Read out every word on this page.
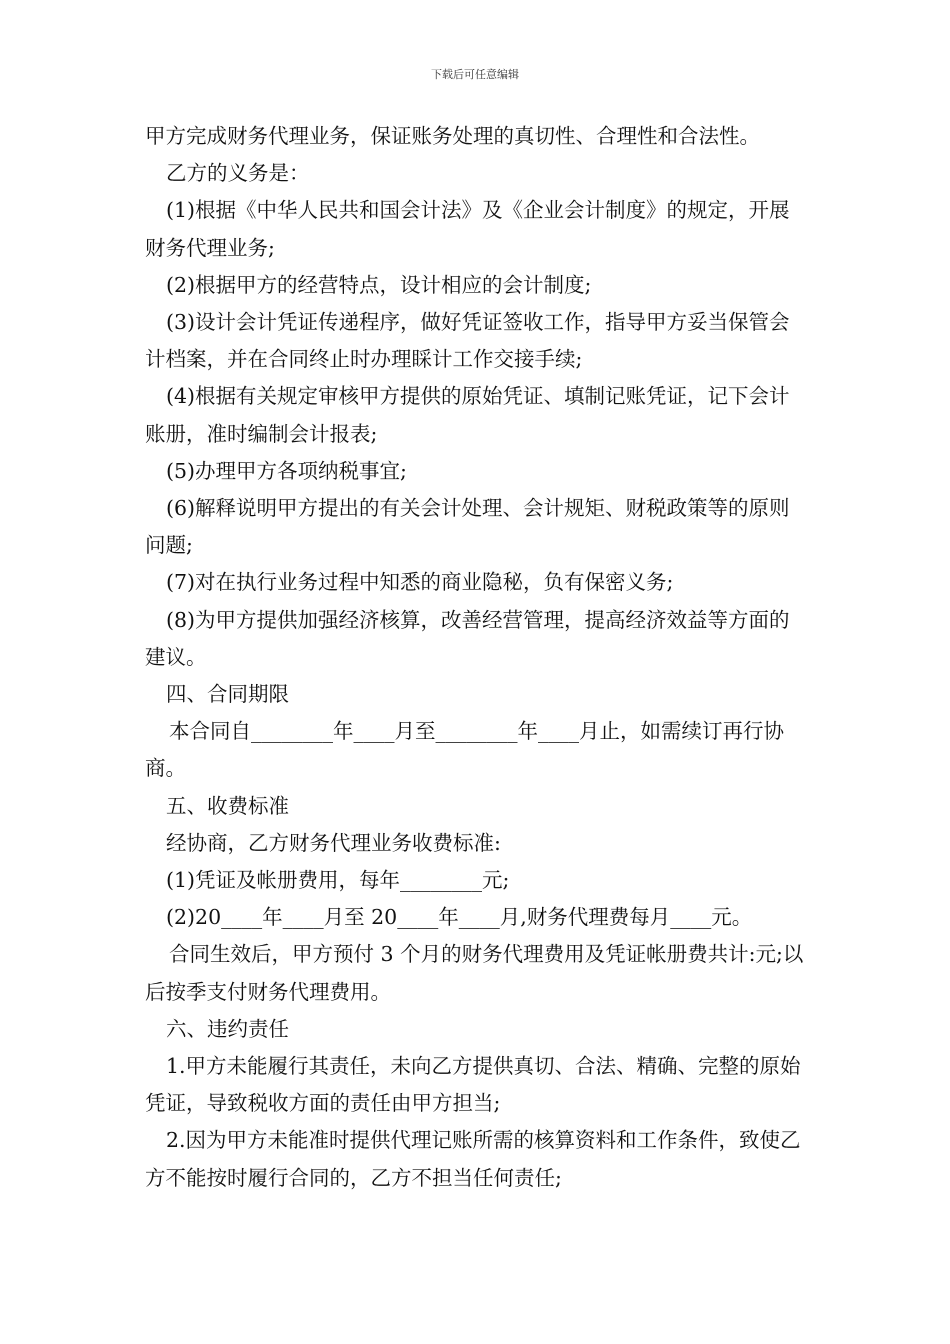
下载后可任意编辑

甲方完成财务代理业务，保证账务处理的真切性、合理性和合法性。

乙方的义务是：

(1)根据《中华人民共和国会计法》及《企业会计制度》的规定，开展财务代理业务;

(2)根据甲方的经营特点，设计相应的会计制度;

(3)设计会计凭证传递程序，做好凭证签收工作，指导甲方妥当保管会计档案，并在合同终止时办理睬计工作交接手续;

(4)根据有关规定审核甲方提供的原始凭证、填制记账凭证，记下会计账册，准时编制会计报表;

(5)办理甲方各项纳税事宜;

(6)解释说明甲方提出的有关会计处理、会计规矩、财税政策等的原则问题;

(7)对在执行业务过程中知悉的商业隐秘，负有保密义务;

(8)为甲方提供加强经济核算，改善经营管理，提高经济效益等方面的建议。

四、合同期限

本合同自________年____月至________年____月止，如需续订再行协商。

五、收费标准

经协商，乙方财务代理业务收费标准:

(1)凭证及帐册费用，每年________元;

(2)20____年____月至 20____年____月,财务代理费每月____元。

合同生效后，甲方预付 3 个月的财务代理费用及凭证帐册费共计:元;以后按季支付财务代理费用。

六、违约责任

1.甲方未能履行其责任，未向乙方提供真切、合法、精确、完整的原始凭证，导致税收方面的责任由甲方担当;

2.因为甲方未能准时提供代理记账所需的核算资料和工作条件，致使乙方不能按时履行合同的，乙方不担当任何责任;
